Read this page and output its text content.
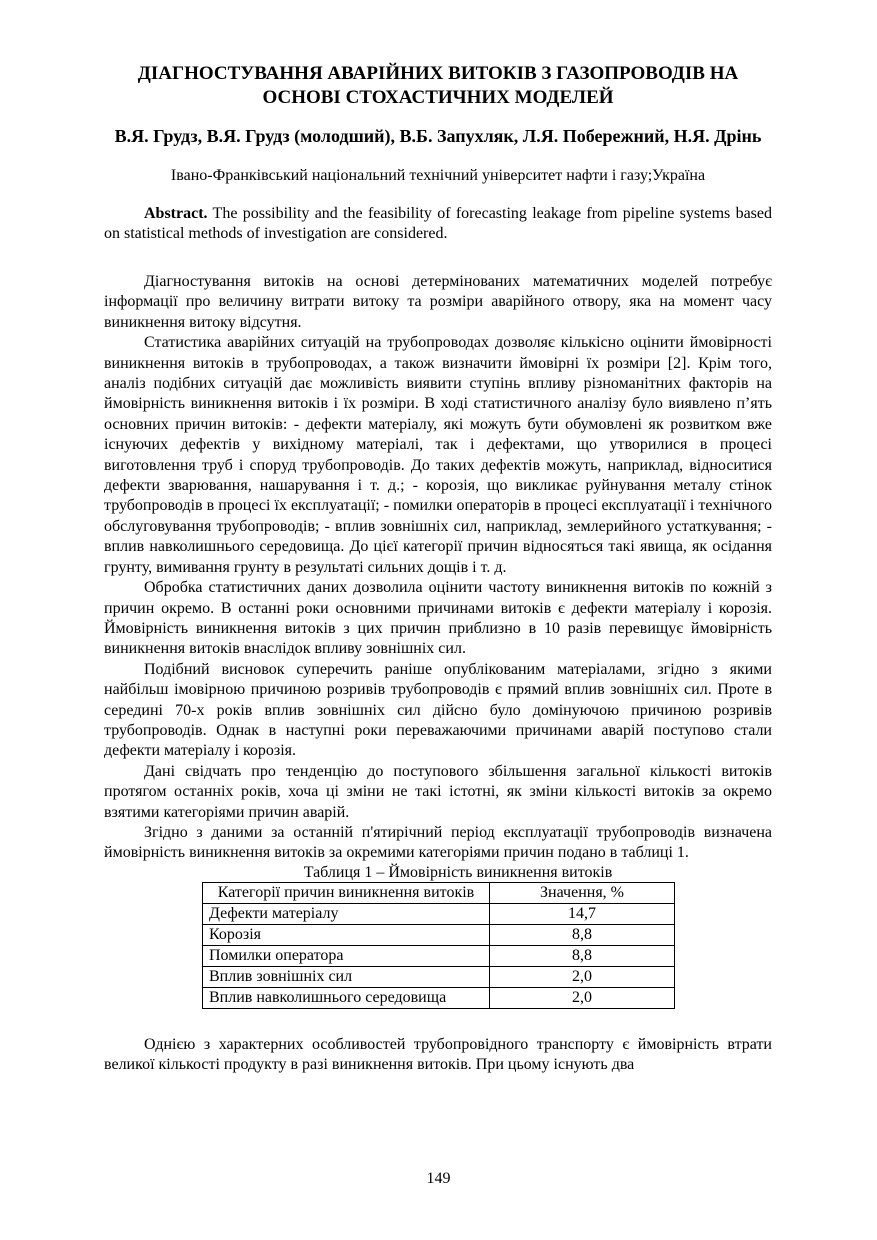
ДІАГНОСТУВАННЯ АВАРІЙНИХ ВИТОКІВ З ГАЗОПРОВОДІВ НА ОСНОВІ СТОХАСТИЧНИХ МОДЕЛЕЙ

В.Я. Грудз, В.Я. Грудз (молодший), В.Б. Запухляк, Л.Я. Побережний, Н.Я. Дрінь

Івано-Франківський національний технічний університет нафти і газу;Україна

Abstract. The possibility and the feasibility of forecasting leakage from pipeline systems based on statistical methods of investigation are considered.

Діагностування витоків на основі детермінованих математичних моделей потребує інформації про величину витрати витоку та розміри аварійного отвору, яка на момент часу виникнення витоку відсутня.

Статистика аварійних ситуацій на трубопроводах дозволяє кількісно оцінити ймовірності виникнення витоків в трубопроводах, а також визначити ймовірні їх розміри [2]. Крім того, аналіз подібних ситуацій дає можливість виявити ступінь впливу різноманітних факторів на ймовірність виникнення витоків і їх розміри. В ході статистичного аналізу було виявлено п’ять основних причин витоків: - дефекти матеріалу, які можуть бути обумовлені як розвитком вже існуючих дефектів у вихідному матеріалі, так і дефектами, що утворилися в процесі виготовлення труб і споруд трубопроводів. До таких дефектів можуть, наприклад, відноситися дефекти зварювання, нашарування і т. д.; - корозія, що викликає руйнування металу стінок трубопроводів в процесі їх експлуатації; - помилки операторів в процесі експлуатації і технічного обслуговування трубопроводів; - вплив зовнішніх сил, наприклад, землерийного устаткування; - вплив навколишнього середовища. До цієї категорії причин відносяться такі явища, як осідання грунту, вимивання грунту в результаті сильних дощів і т. д.

Обробка статистичних даних дозволила оцінити частоту виникнення витоків по кожній з причин окремо. В останні роки основними причинами витоків є дефекти матеріалу і корозія. Ймовірність виникнення витоків з цих причин приблизно в 10 разів перевищує ймовірність виникнення витоків внаслідок впливу зовнішніх сил.

Подібний висновок суперечить раніше опублікованим матеріалами, згідно з якими найбільш імовірною причиною розривів трубопроводів є прямий вплив зовнішніх сил. Проте в середині 70-х років вплив зовнішніх сил дійсно було домінуючою причиною розривів трубопроводів. Однак в наступні роки переважаючими причинами аварій поступово стали дефекти матеріалу і корозія.

Дані свідчать про тенденцію до поступового збільшення загальної кількості витоків протягом останніх років, хоча ці зміни не такі істотні, як зміни кількості витоків за окремо взятими категоріями причин аварій.

Згідно з даними за останній п'ятирічний період експлуатації трубопроводів визначена ймовірність виникнення витоків за окремими категоріями причин подано в таблиці 1.

Таблиця 1 – Ймовірність виникнення витоків

Категорії причин виникнення витоків	Значення, %
Дефекти матеріалу	14,7
Корозія	8,8
Помилки оператора	8,8
Вплив зовнішніх сил	2,0
Вплив навколишнього середовища	2,0

Однією з характерних особливостей трубопровідного транспорту є ймовірність втрати великої кількості продукту в разі виникнення витоків. При цьому існують два

149
